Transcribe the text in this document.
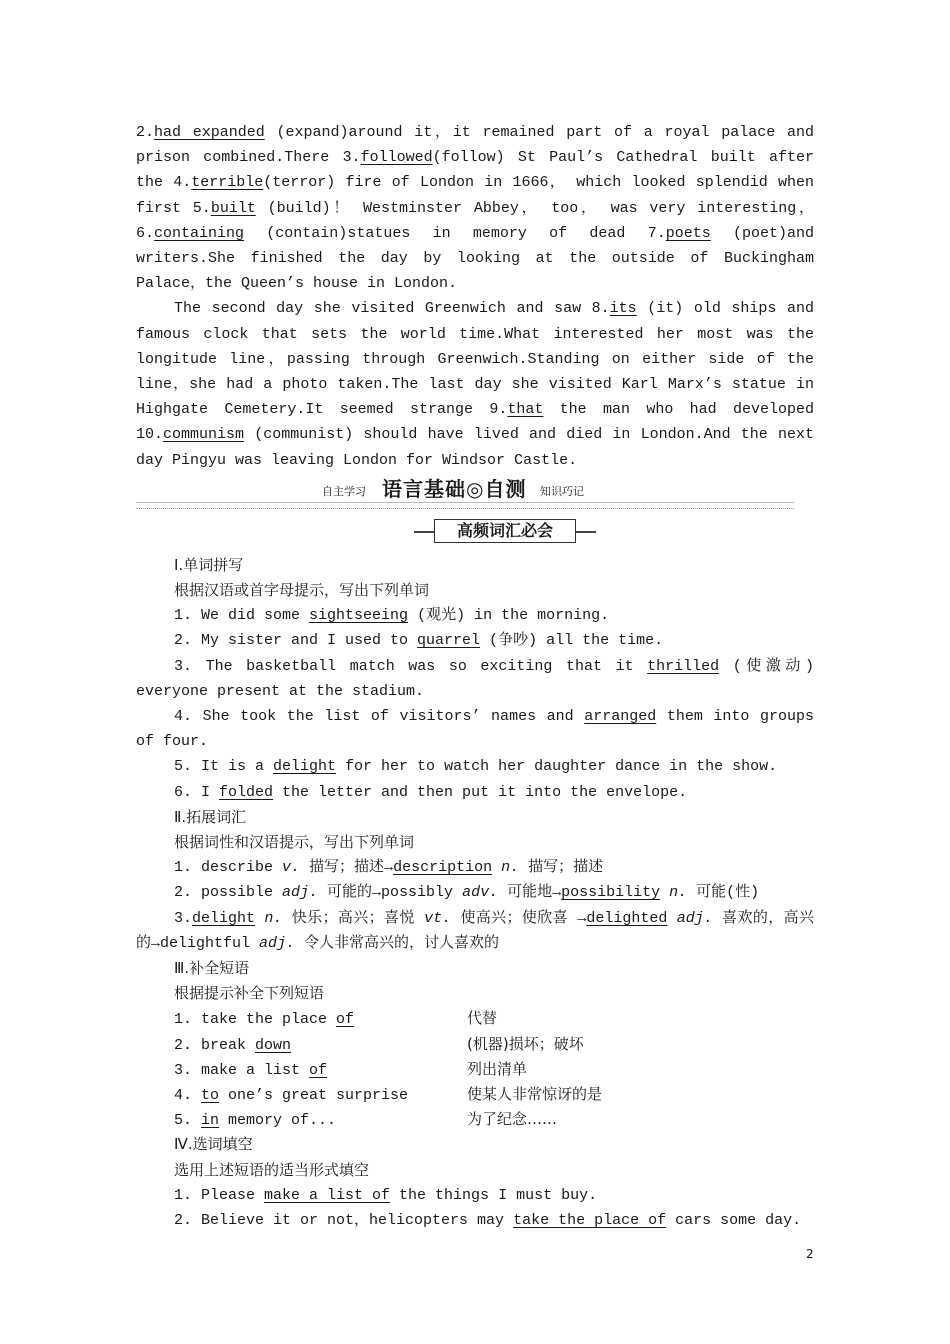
2.had expanded (expand)around it，it remained part of a royal palace and prison combined.There 3.followed(follow) St Paul’s Cathedral built after the 4.terrible(terror) fire of London in 1666， which looked splendid when first 5.built (build)！ Westminster Abbey， too， was very interesting， 6.containing (contain)statues in memory of dead 7.poets (poet)and writers.She finished the day by looking at the outside of Buckingham Palace，the Queen’s house in London.

The second day she visited Greenwich and saw 8.its (it) old ships and famous clock that sets the world time.What interested her most was the longitude line，passing through Greenwich.Standing on either side of the line，she had a photo taken.The last day she visited Karl Marx’s statue in Highgate Cemetery.It seemed strange 9.that the man who had developed 10.communism (communist) should have lived and died in London.And the next day Pingyu was leaving London for Windsor Castle.

自主学习 语言基础◎自测 知识巧记
高频词汇必会
Ⅰ.单词拼写
根据汉语或首字母提示，写出下列单词

1. We did some sightseeing (观光) in the morning.

2. My sister and I used to quarrel (争吵) all the time.

3. The basketball match was so exciting that it thrilled (使激动) everyone present at the stadium.

4. She took the list of visitors’ names and arranged them into groups of four.

5. It is a delight for her to watch her daughter dance in the show.

6. I folded the letter and then put it into the envelope.

Ⅱ.拓展词汇
根据词性和汉语提示，写出下列单词

1. describe v. 描写；描述→description n. 描写；描述

2. possible adj. 可能的→possibly adv. 可能地→possibility n. 可能(性)

3.delight n. 快乐；高兴；喜悦 vt. 使高兴；使欣喜 →delighted adj. 喜欢的，高兴的→delightful adj. 令人非常高兴的，讨人喜欢的

Ⅲ.补全短语
根据提示补全下列短语
1. take the place of	代替
2. break down	(机器)损坏；破坏
3. make a list of	列出清单
4. to one’s great surprise	使某人非常惊讶的是
5. in memory of...	为了纪念……
Ⅳ.选词填空
选用上述短语的适当形式填空

1. Please make a list of the things I must buy.

2. Believe it or not，helicopters may take the place of cars some day.

2
